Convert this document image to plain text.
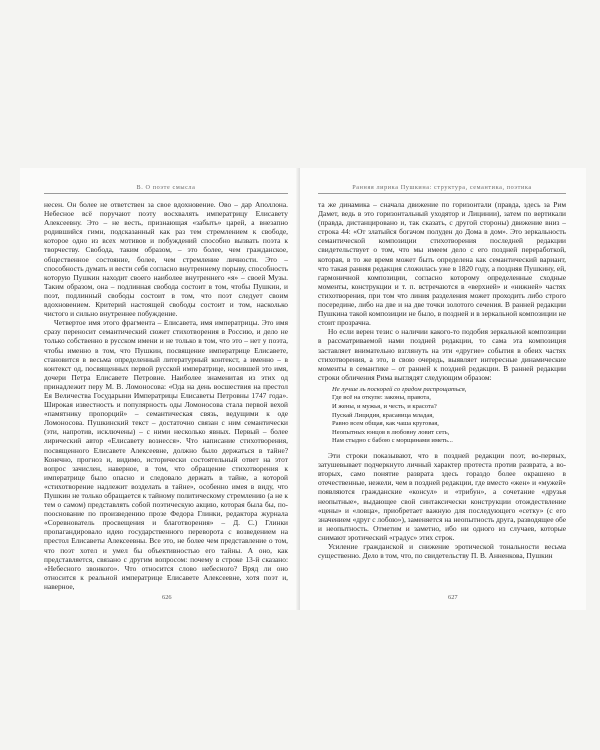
В. О поэте смысла

несен. Он более не ответствен за свое вдохновение. Ово – дар Аполлона. Небесное всё поручают поэту восхвалять императрицу Елисавету Алексеевну. Это – не весть, признающая «забыть» царей, а внезапно родившийся гимн, подсказанный как раз тем стремлением к свободе, которое одно из всех мотивов и побуждений способно вызвать поэта к творчеству. Свобода, таким образом, – это более, чем гражданское, общественное состояние, более, чем стремление личности. Это – способность думать и вести себя согласно внутреннему порыву, способность которую Пушкин находит своего наиболее внутреннего «я» – своей Музы. Таким образом, она – подлинная свобода состоит в том, чтобы Пушкин, и поэт, подлинный свободы состоит в том, что поэт следует своим вдохновением. Критерий настоящей свободы состоит и том, насколько чистого и сильно внутреннее побуждение.

Четвертое имя этого фрагмента – Елисавета, имя императрицы. Это имя сразу переносит семантический сюжет стихотворения в Россию, и дело не только собственно в русском имени и не только в том, что это – нет у поэта, чтобы именно в том, что Пушкин, посвящение императрице Елисавете, становится в весьма определенный литературный контекст, а именно – в контекст од, посвященных первой русской императрице, носившей это имя, дочери Петра Елисавете Петровне. Наиболее знаменитая из этих од принадлежит перу М. В. Ломоносова: «Ода на день восшествия на престол Ея Величества Государыни Императрицы Елисаветы Петровны 1747 года». Широкая известность и популярность оды Ломоносова стала первой вехой «памятнику пропорций» – семантическая связь, ведущими к оде Ломоносова. Пушкинский текст – достаточно связан с ним семантически (эти, напротив, исключены) – с ними несколько явных. Первый – более лирический автор «Елисавету вознесся». Что написание стихотворения, посвященного Елисавете Алексеевне, должно было держаться в тайне? Конечно, прогноз и, видимо, исторически состоятельный ответ на этот вопрос зачислен, наверное, в том, что обращение стихотворения к императрице было опасно и следовало держать в тайне, а которой «стихотворение надлежит возделать в тайне», особенно имея в виду, что Пушкин не только обращается к тайному политическому стремлению (а не к тем о самом) представлять собой поэтическую акцию, которая была бы, по-пооснование по произведению прозе Федора Глинки, редактора журнала «Соревнователь просвещения и благотворения» – Д. С.) Глинки пропагандировало идею государственного переворота с возведением на престол Елисаветы Алексеевны. Все это, не более чем представление о том, что поэт хотел и умел бы объективностью его тайны. А оно, как представляется, связано с другим вопросом: почему в строке 13-й сказано: «Небесного звонкого». Что относится слово небесного? Вряд ли оно относится к реальной императрице Елисавете Алексеевне, хотя поэт и, наверное,

626
Ранняя лирика Пушкина: структура, семантика, поэтика

та же динамика – сначала движение по горизонтали (правда, здесь за Рим Дамет, ведь в это горизонтальный уходятор и Лицинии), затем по вертикали (правда, дистанцировано и, так сказать, с другой стороны) движение вниз – строка 44: «От златыйся богачом полуден до Дома в дом». Это зеркальность семантической композиции стихотворения последней редакции свидетельствует о том, что мы имеем дело с его поздней переработкой, которая, в то же время может быть определена как семантический вариант, что такая ранняя редакция сложилась уже в 1820 году, а поздняя Пушкину, ей, гармоничной композиции, согласно которому определенные сходные моменты, конструкции и т. п. встречаются в «верхней» и «нижней» частях стихотворения, при том что линия разделения может проходить либо строго посередине, либо на две и на две точки золотого сечения. В ранней редакции Пушкина такой композиции не было, в поздней и в зеркальной композиции не стоит прозрачна.

Но если верен тезис о наличии какого-то подобия зеркальной композиции в рассматриваемой нами поздней редакции, то сама эта композиция заставляет внимательно взглянуть на эти «другие» события в обеих частях стихотворения, а это, в свою очередь, выявляет интересные динамические моменты в семантике – от ранней к поздней редакции. В ранней редакции строки обличения Рима выглядят следующим образом:

Не лучше ль поскорей со градом распрощаться,
Где всё на откупе: законы, правота,
И жены, и мужья, и честь, и красота?
Пускай Лицидия, красавица младая,
Равно всем общая, как чаша круговая,
Неопытных юнцов в любовну ловит сеть,
Нам стыдно с бабою с морщинами иметь...

Эти строки показывают, что в поздней редакции поэт, во-первых, затушевывает подчеркнуто личный характер протеста против разврата, а во-вторых, само понятие разврата здесь гораздо более окрашено в отечественные, нежели, чем в поздней редакции, где вместо «жен» и «мужей» появляются гражданские «консул» и «трибун», а сочетание «друзья неопытные», выдающее свой синтаксически конструкции отождествление «цены» и «ловца», приобретает важную для последующего «сетку» (с его значением «друг с лобою»), заменяется на неопытность друга, разводящее обе и неопытность. Отметим и заметно, ибо ни одного из случаев, которые снимают эротический «градус» этих строк.

Усиление гражданской и снижение эротической тональности весьма существенно. Дело в том, что, по свидетельству П. В. Анненкова, Пушкин

627
